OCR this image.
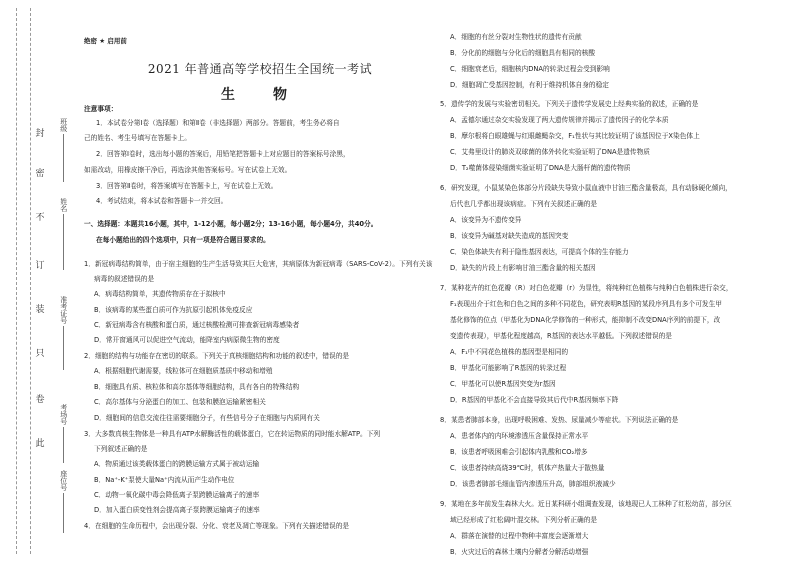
封
密
不
订
装
只
卷
此
班级
姓名
准考证号
考场号
座位号
绝密 ★ 启用前
2021 年普通高等学校招生全国统一考试
生　物
注意事项：
1．本试卷分第Ⅰ卷（选择题）和第Ⅱ卷（非选择题）两部分。答题前，考生务必将自
己的姓名、考生号填写在答题卡上。
2．回答第Ⅰ卷时，选出每小题的答案后，用铅笔把答题卡上对应题目的答案标号涂黑，
如需改动，用橡皮擦干净后，再选涂其他答案标号。写在试卷上无效。
3．回答第Ⅱ卷时，将答案填写在答题卡上，写在试卷上无效。
4．考试结束，将本试卷和答题卡一并交回。
一、选择题：本题共16小题，其中，1-12小题，每小题2分；13-16小题，每小题4分，共40分。
在每小题给出的四个选项中，只有一项是符合题目要求的。
1．新冠病毒结构简单，由于宿主细胞的生产生活导致其巨大危害，其病原体为新冠病毒（SARS-CoV-2）。下列有关该
病毒的叙述错误的是
A．病毒结构简单，其遗传物质存在于拟核中
B．该病毒的某些蛋白质可作为抗原引起机体免疫反应
C．新冠病毒含有核酸和蛋白质，通过核酸检测可排查新冠病毒感染者
D．常开窗通风可以促进空气流动，能降室内病原微生物的密度
2．细胞的结构与功能存在密切的联系。下列关于真核细胞结构和功能的叙述中，错误的是
A．根据细胞代谢需要，线粒体可在细胞质基质中移动和增殖
B．细胞具有质、核粒体和高尔基体等细胞结构，具有各自的特殊结构
C．高尔基体与分泌蛋白的加工、包装和膜泡运输紧密相关
D．细胞间的信息交流往往需要细胞分子，有些信号分子在细胞与内质网有关
3．大多数真核生物体是一种具有ATP水解酶活性的载体蛋白，它在转运物质的同时能水解ATP。下列
下列叙述正确的是
A．物质通过该类载体蛋白的跨膜运输方式属于被动运输
B．Na⁺-K⁺泵使大量Na⁺内流从而产生动作电位
C．动物一氧化碳中毒会降低离子泵跨膜运输离子的速率
D．加入蛋白质变性剂会提高离子泵跨膜运输离子的速率
4．在细胞的生命历程中，会出现分裂、分化、衰老及凋亡等现象。下列有关描述错误的是
A．细胞的有丝分裂对生物性状的遗传有贡献
B．分化前的细胞与分化后的细胞具有相同的核酸
C．细胞衰老后，细胞核内DNA的转录过程会受到影响
D．细胞凋亡受基因控制，有利于维持机体自身的稳定
5．遗传学的发展与实验密切相关。下列关于遗传学发展史上经典实验的叙述，正确的是
A．孟德尔通过杂交实验发现了两大遗传规律并揭示了遗传因子的化学本质
B．摩尔根将白眼雄蝇与红眼雌蝇杂交，F₁性状与其比较证明了该基因位于X染色体上
C．艾弗里设计的肺炎双球菌的体外转化实验证明了DNA是遗传物质
D．T₂噬菌体侵染细菌实验证明了DNA是大肠杆菌的遗传物质
6．研究发现，小鼠某染色体部分片段缺失导致小鼠血液中甘油三酯含量极高，具有动脉硬化倾向，
后代也几乎都出现该病症。下列有关叙述正确的是
A．该变异为不遗传变异
B．该变异为碱基对缺失造成的基因突变
C．染色体缺失有利于隐性基因表达，可提高个体的生存能力
D．缺失的片段上有影响甘油三酯含量的相关基因
7．某种花卉的红色花瓣（R）对白色花瓣（r）为显性，将纯种红色植株与纯种白色植株进行杂交，
F₁表现出介于红色和白色之间的多种不同花色，研究表明R基因的某段序列具有多个可发生甲
基化修饰的位点（甲基化为DNA化学修饰的一种形式，能抑制不改变DNA序列的前提下，改
变遗传表现），甲基化程度越高，R基因的表达水平越低。下列叙述错误的是
A．F₁中不同花色植株的基因型是相同的
B．甲基化可能影响了R基因的转录过程
C．甲基化可以使R基因突变为r基因
D．R基因的甲基化不会直接导致其后代中R基因频率下降
8．某患者肺部本身，出现呼吸困难、发热、尿量减少等症状。下列说法正确的是
A．患者体内的内环境渗透压含量保持正常水平
B．该患者呼吸困难会引起体内乳酸和CO₂增多
C．该患者持续高烧39℃时，机体产热量大于散热量
D．该患者肺部毛细血管内渗透压升高，肺部组织液减少
9．某地在多年前发生森林大火。近日某科研小组调查发现，该地现已人工林种了红松幼苗，部分区
域已经形成了红松阔叶混交林。下列分析正确的是
A．群落在演替的过程中物种丰富度会逐渐增大
B．火灾过后的森林土壤内分解者分解活动增强
